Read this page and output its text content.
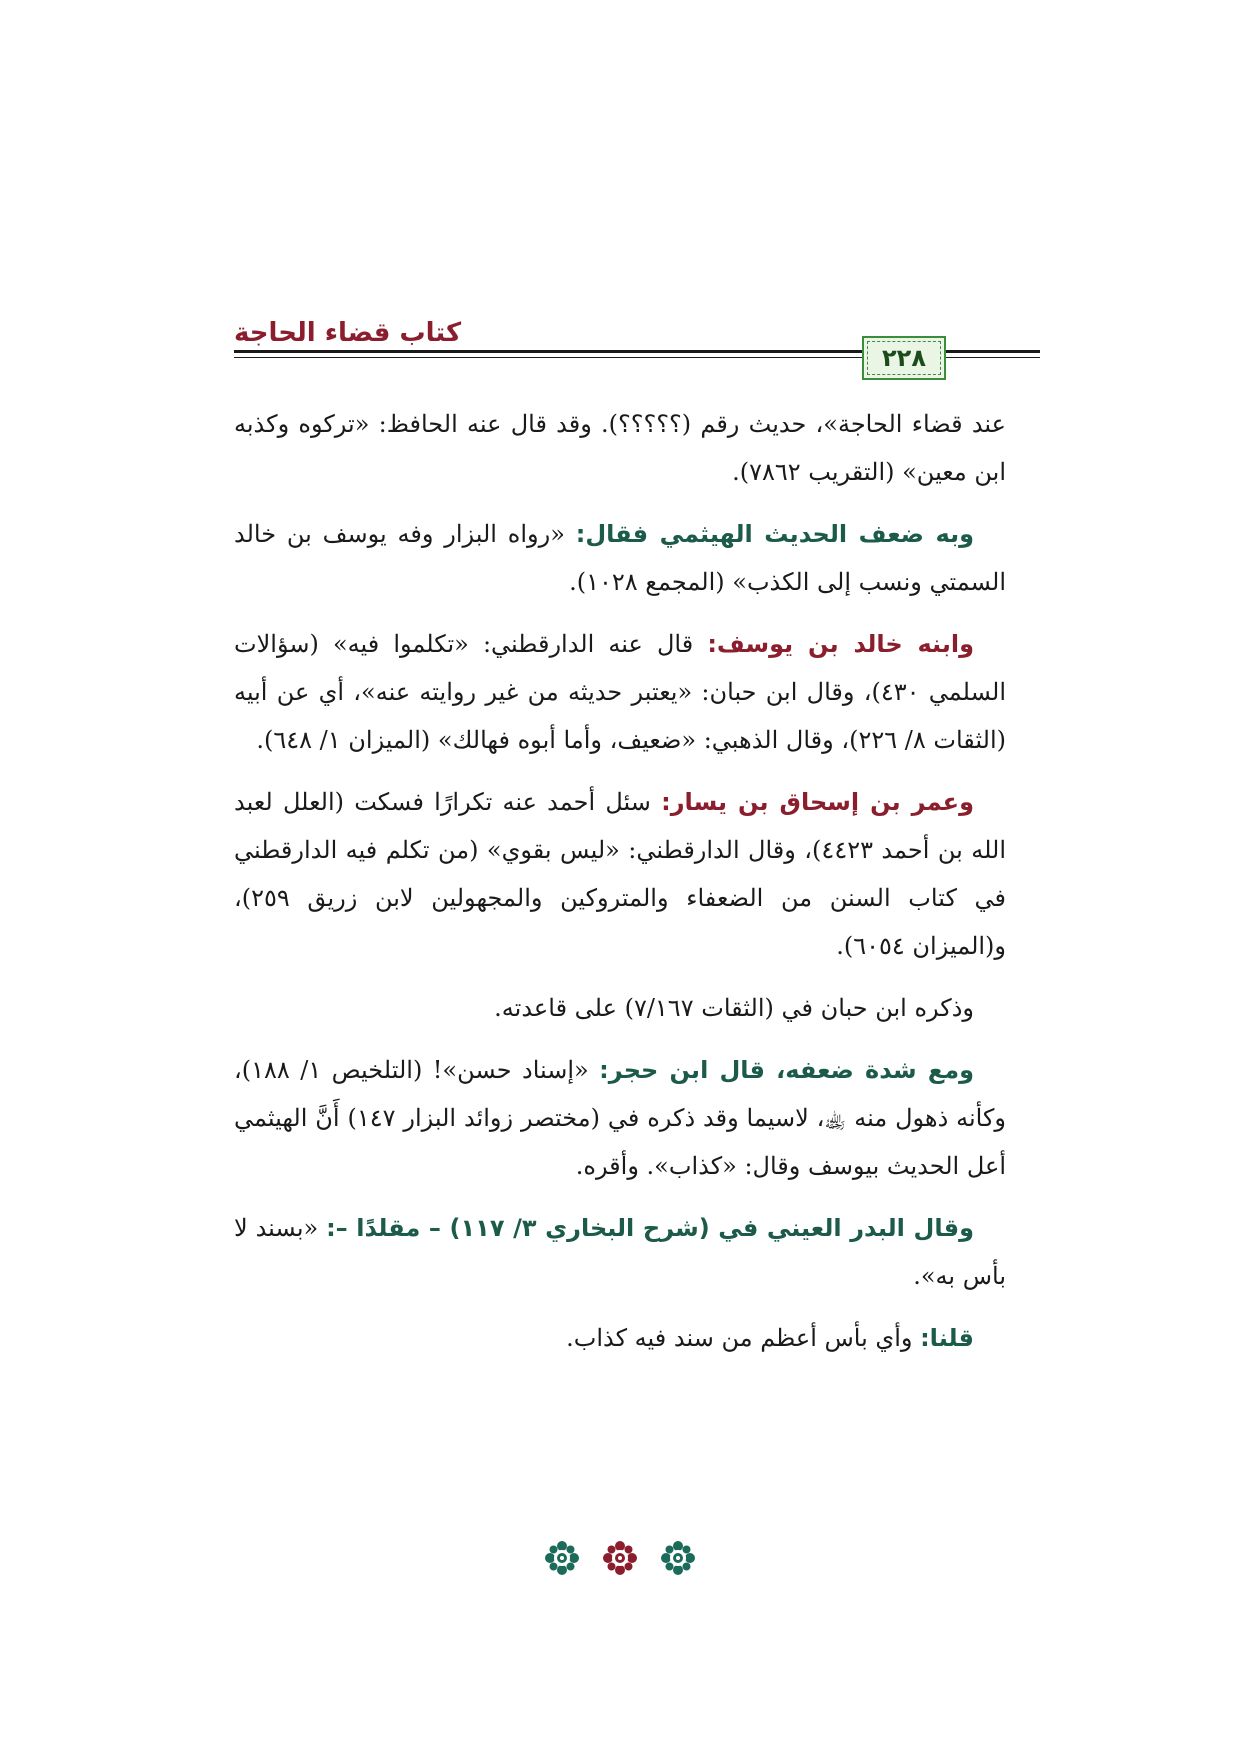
كتاب قضاء الحاجة
٢٢٨

عند قضاء الحاجة»، حديث رقم (؟؟؟؟؟). وقد قال عنه الحافظ: «تركوه وكذبه ابن معين» (التقريب ٧٨٦٢).

وبه ضعف الحديث الهيثمي فقال: «رواه البزار وفه يوسف بن خالد السمتي ونسب إلى الكذب» (المجمع ١٠٢٨).

وابنه خالد بن يوسف: قال عنه الدارقطني: «تكلموا فيه» (سؤالات السلمي ٤٣٠)، وقال ابن حبان: «يعتبر حديثه من غير روايته عنه»، أي عن أبيه (الثقات ٨/ ٢٢٦)، وقال الذهبي: «ضعيف، وأما أبوه فهالك» (الميزان ١/ ٦٤٨).

وعمر بن إسحاق بن يسار: سئل أحمد عنه تكرارًا فسكت (العلل لعبد الله بن أحمد ٤٤٢٣)، وقال الدارقطني: «ليس بقوي» (من تكلم فيه الدارقطني في كتاب السنن من الضعفاء والمتروكين والمجهولين لابن زريق ٢٥٩)، و(الميزان ٦٠٥٤).

وذكره ابن حبان في (الثقات ٧/١٦٧) على قاعدته.

ومع شدة ضعفه، قال ابن حجر: «إسناد حسن»! (التلخيص ١/ ١٨٨)، وكأنه ذهول منه ﵀، لاسيما وقد ذكره في (مختصر زوائد البزار ١٤٧) أَنَّ الهيثمي أعل الحديث بيوسف وقال: «كذاب». وأقره.

وقال البدر العيني في (شرح البخاري ٣/ ١١٧) – مقلدًا –: «بسند لا بأس به».

قلنا: وأي بأس أعظم من سند فيه كذاب.
